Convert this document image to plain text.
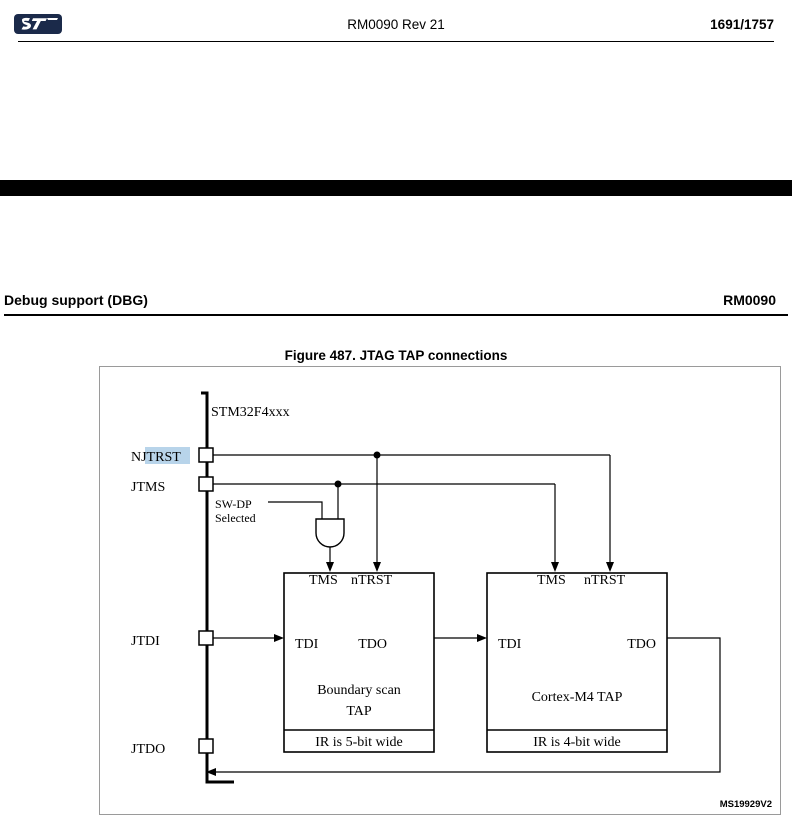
RM0090 Rev 21	1691/1757
Debug support (DBG)	RM0090
Figure 487. JTAG TAP connections
STM32F4xxx
NJTRST
JTMS
JTDI
JTDO
SW-DP
Selected
TMS nTRST
TDI	TDO
Boundary scan
TAP
IR is 5-bit wide
TMS nTRST
TDI	TDO
Cortex-M4 TAP
IR is 4-bit wide
MS19929V2
